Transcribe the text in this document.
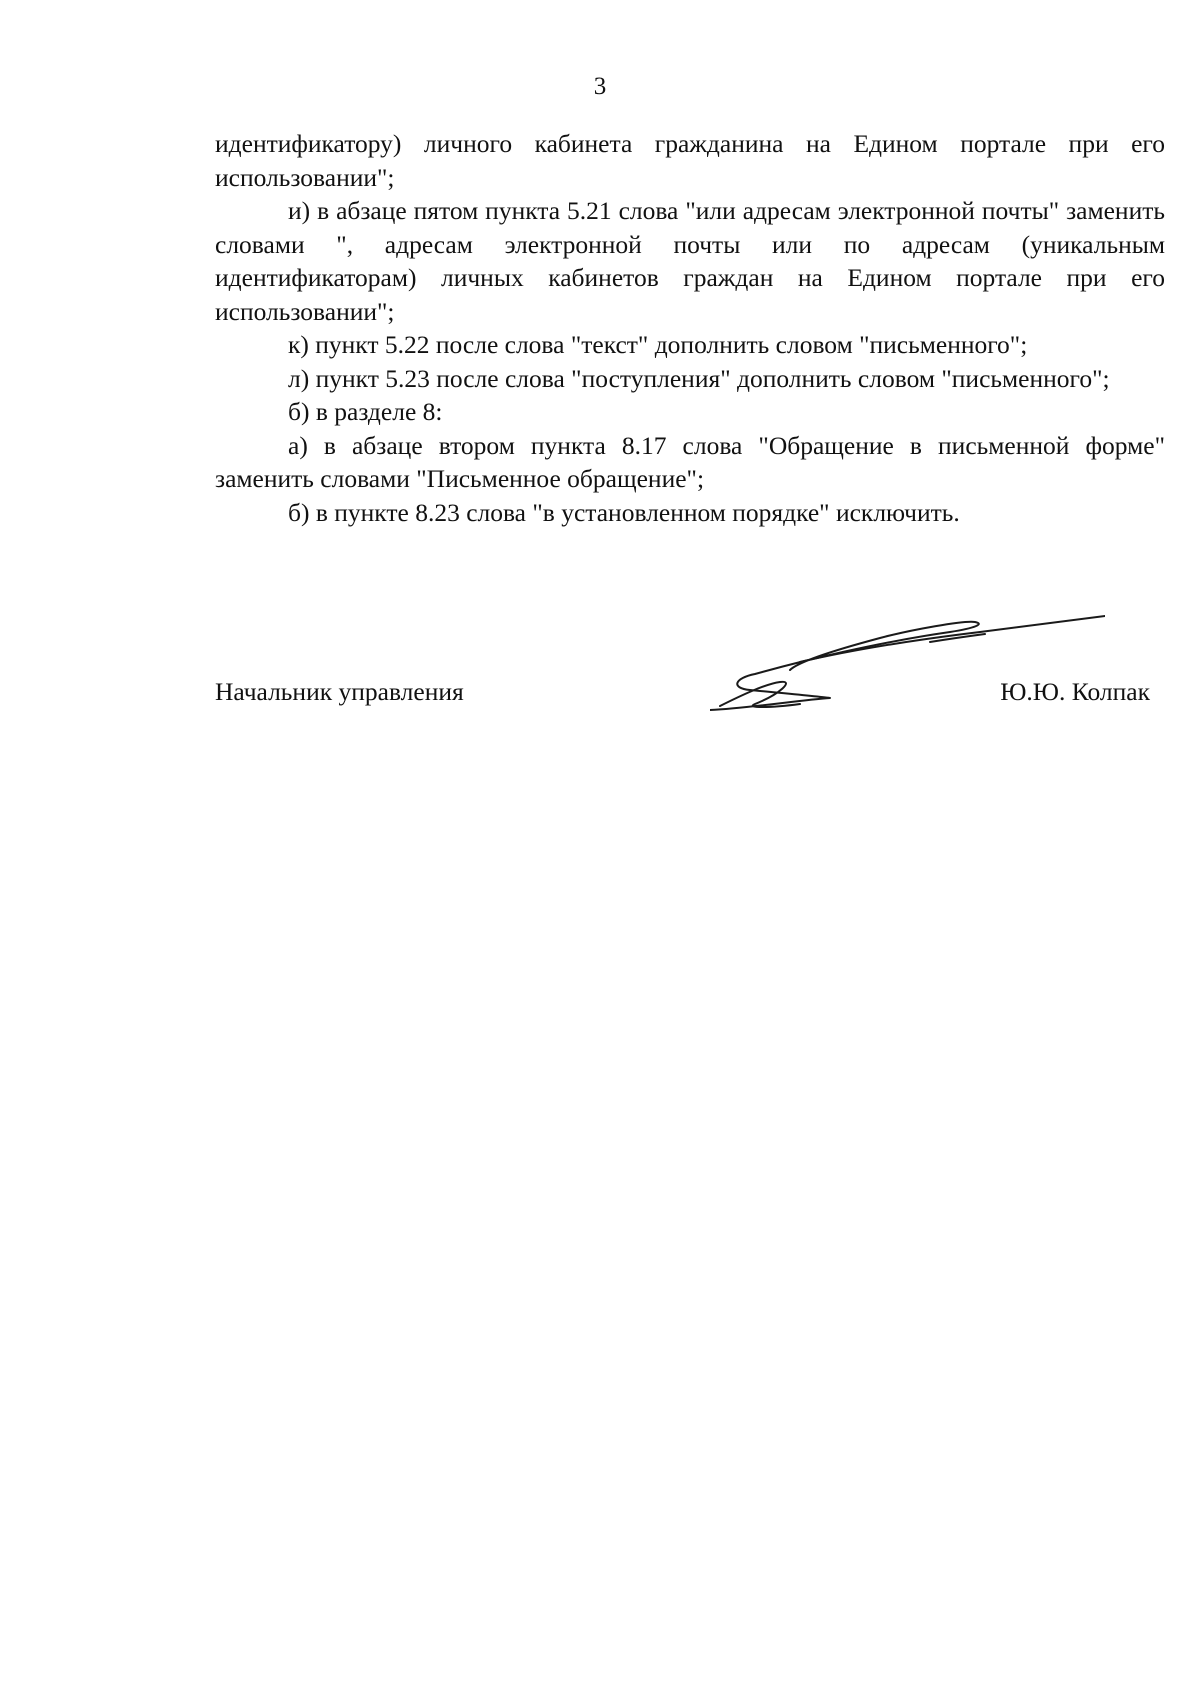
3

идентификатору) личного кабинета гражданина на Едином портале при его использовании";

и) в абзаце пятом пункта 5.21 слова "или адресам электронной почты" заменить словами ", адресам электронной почты или по адресам (уникальным идентификаторам) личных кабинетов граждан на Едином портале при его использовании";

к) пункт 5.22 после слова "текст" дополнить словом "письменного";

л) пункт 5.23 после слова "поступления" дополнить словом "письменного";

б) в разделе 8:

а) в абзаце втором пункта 8.17 слова "Обращение в письменной форме" заменить словами "Письменное обращение";

б) в пункте 8.23 слова "в установленном порядке" исключить.

Начальник управления	Ю.Ю. Колпак
